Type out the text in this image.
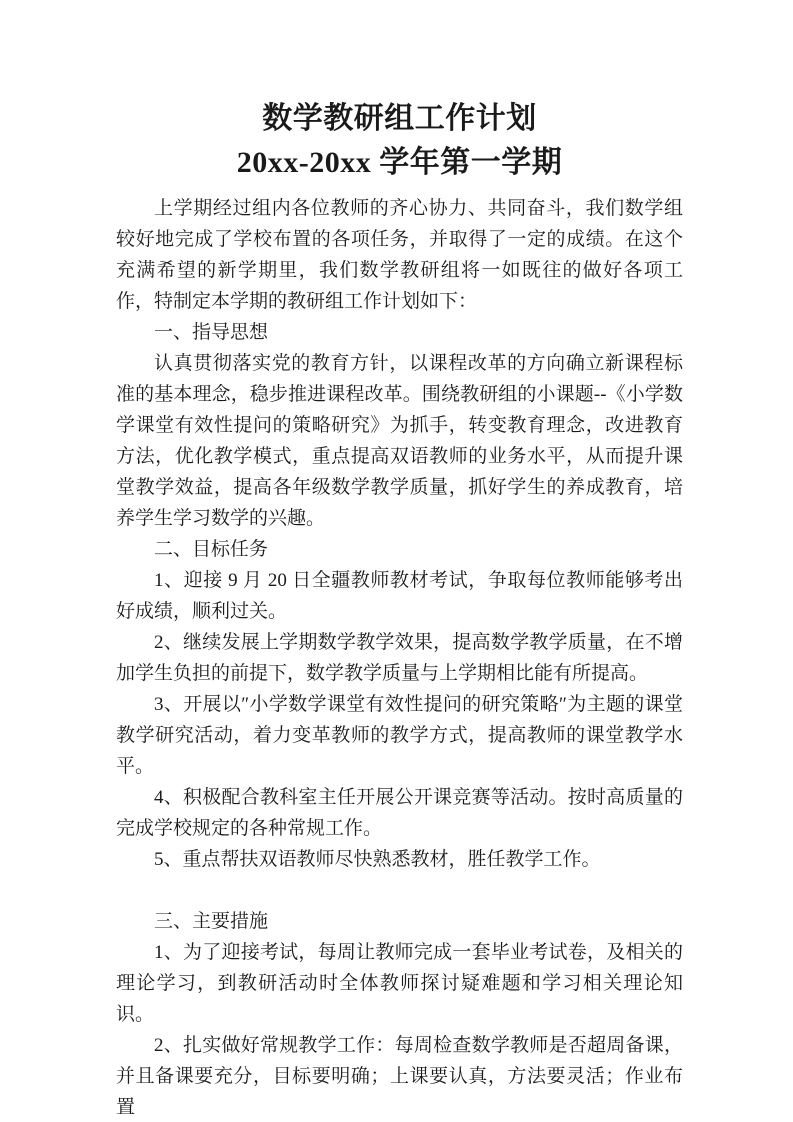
数学教研组工作计划
20xx-20xx 学年第一学期

上学期经过组内各位教师的齐心协力、共同奋斗，我们数学组较好地完成了学校布置的各项任务，并取得了一定的成绩。在这个充满希望的新学期里，我们数学教研组将一如既往的做好各项工作，特制定本学期的教研组工作计划如下：

一、指导思想

认真贯彻落实党的教育方针，以课程改革的方向确立新课程标准的基本理念，稳步推进课程改革。围绕教研组的小课题--《小学数学课堂有效性提问的策略研究》为抓手，转变教育理念，改进教育方法，优化教学模式，重点提高双语教师的业务水平，从而提升课堂教学效益，提高各年级数学教学质量，抓好学生的养成教育，培养学生学习数学的兴趣。

二、目标任务

1、迎接 9 月 20 日全疆教师教材考试，争取每位教师能够考出好成绩，顺利过关。

2、继续发展上学期数学教学效果，提高数学教学质量，在不增加学生负担的前提下，数学教学质量与上学期相比能有所提高。

3、开展以″小学数学课堂有效性提问的研究策略″为主题的课堂教学研究活动，着力变革教师的教学方式，提高教师的课堂教学水平。

4、积极配合教科室主任开展公开课竞赛等活动。按时高质量的完成学校规定的各种常规工作。

5、重点帮扶双语教师尽快熟悉教材，胜任教学工作。

三、主要措施

1、为了迎接考试，每周让教师完成一套毕业考试卷，及相关的理论学习，到教研活动时全体教师探讨疑难题和学习相关理论知识。

2、扎实做好常规教学工作：每周检查数学教师是否超周备课，并且备课要充分，目标要明确；上课要认真，方法要灵活；作业布置
